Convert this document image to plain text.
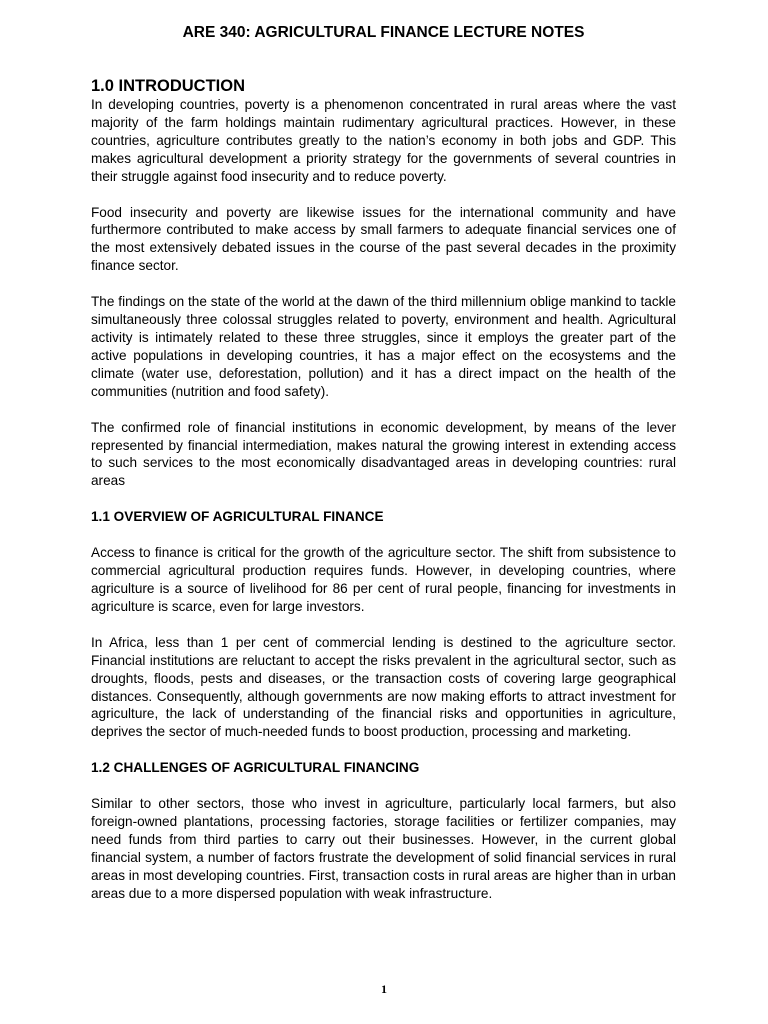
ARE 340: AGRICULTURAL FINANCE LECTURE NOTES
1.0 INTRODUCTION

In developing countries, poverty is a phenomenon concentrated in rural areas where the vast majority of the farm holdings maintain rudimentary agricultural practices. However, in these countries, agriculture contributes greatly to the nation’s economy in both jobs and GDP. This makes agricultural development a priority strategy for the governments of several countries in their struggle against food insecurity and to reduce poverty.

Food insecurity and poverty are likewise issues for the international community and have furthermore contributed to make access by small farmers to adequate financial services one of the most extensively debated issues in the course of the past several decades in the proximity finance sector.

The findings on the state of the world at the dawn of the third millennium oblige mankind to tackle simultaneously three colossal struggles related to poverty, environment and health. Agricultural activity is intimately related to these three struggles, since it employs the greater part of the active populations in developing countries, it has a major effect on the ecosystems and the climate (water use, deforestation, pollution) and it has a direct impact on the health of the communities (nutrition and food safety).

The confirmed role of financial institutions in economic development, by means of the lever represented by financial intermediation, makes natural the growing interest in extending access to such services to the most economically disadvantaged areas in developing countries: rural areas

1.1 OVERVIEW OF AGRICULTURAL FINANCE

Access to finance is critical for the growth of the agriculture sector. The shift from subsistence to commercial agricultural production requires funds. However, in developing countries, where agriculture is a source of livelihood for 86 per cent of rural people, financing for investments in agriculture is scarce, even for large investors.

In Africa, less than 1 per cent of commercial lending is destined to the agriculture sector. Financial institutions are reluctant to accept the risks prevalent in the agricultural sector, such as droughts, floods, pests and diseases, or the transaction costs of covering large geographical distances. Consequently, although governments are now making efforts to attract investment for agriculture, the lack of understanding of the financial risks and opportunities in agriculture, deprives the sector of much-needed funds to boost production, processing and marketing.

1.2 CHALLENGES OF AGRICULTURAL FINANCING

Similar to other sectors, those who invest in agriculture, particularly local farmers, but also foreign-owned plantations, processing factories, storage facilities or fertilizer companies, may need funds from third parties to carry out their businesses. However, in the current global financial system, a number of factors frustrate the development of solid financial services in rural areas in most developing countries. First, transaction costs in rural areas are higher than in urban areas due to a more dispersed population with weak infrastructure.

1
